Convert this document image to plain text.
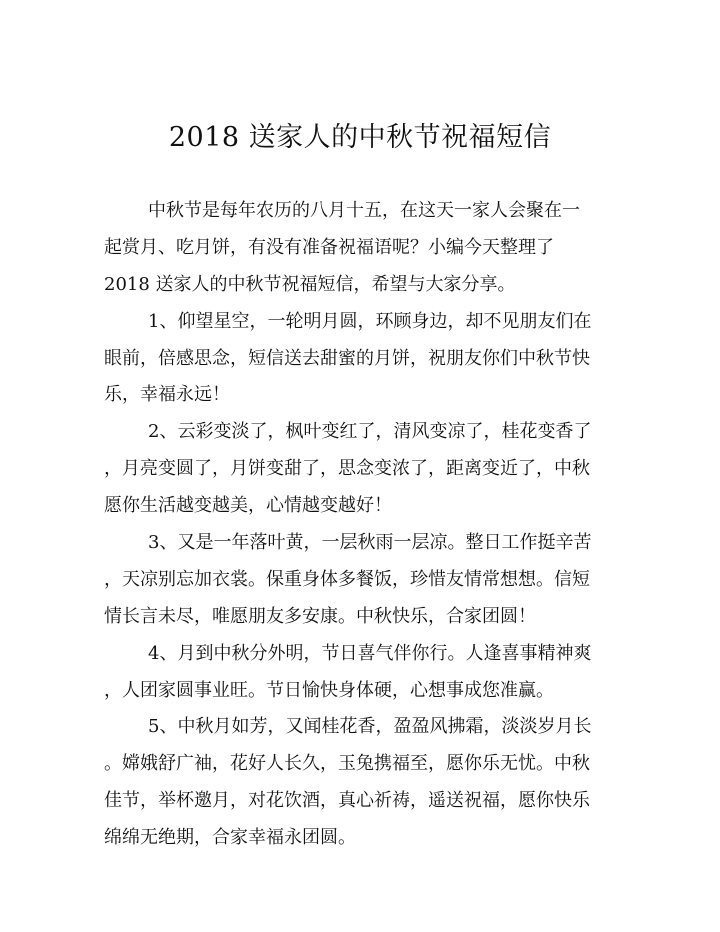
2018 送家人的中秋节祝福短信
中秋节是每年农历的八月十五，在这天一家人会聚在一
起赏月、吃月饼，有没有准备祝福语呢？小编今天整理了
2018 送家人的中秋节祝福短信，希望与大家分享。
1、仰望星空，一轮明月圆，环顾身边，却不见朋友们在
眼前，倍感思念，短信送去甜蜜的月饼，祝朋友你们中秋节快
乐，幸福永远！
2、云彩变淡了，枫叶变红了，清风变凉了，桂花变香了
，月亮变圆了，月饼变甜了，思念变浓了，距离变近了，中秋
愿你生活越变越美，心情越变越好！
3、又是一年落叶黄，一层秋雨一层凉。整日工作挺辛苦
，天凉别忘加衣裳。保重身体多餐饭，珍惜友情常想想。信短
情长言未尽，唯愿朋友多安康。中秋快乐，合家团圆！
4、月到中秋分外明，节日喜气伴你行。人逢喜事精神爽
，人团家圆事业旺。节日愉快身体硬，心想事成您准赢。
5、中秋月如芳，又闻桂花香，盈盈风拂霜，淡淡岁月长
。嫦娥舒广袖，花好人长久，玉兔携福至，愿你乐无忧。中秋
佳节，举杯邀月，对花饮酒，真心祈祷，遥送祝福，愿你快乐
绵绵无绝期，合家幸福永团圆。
